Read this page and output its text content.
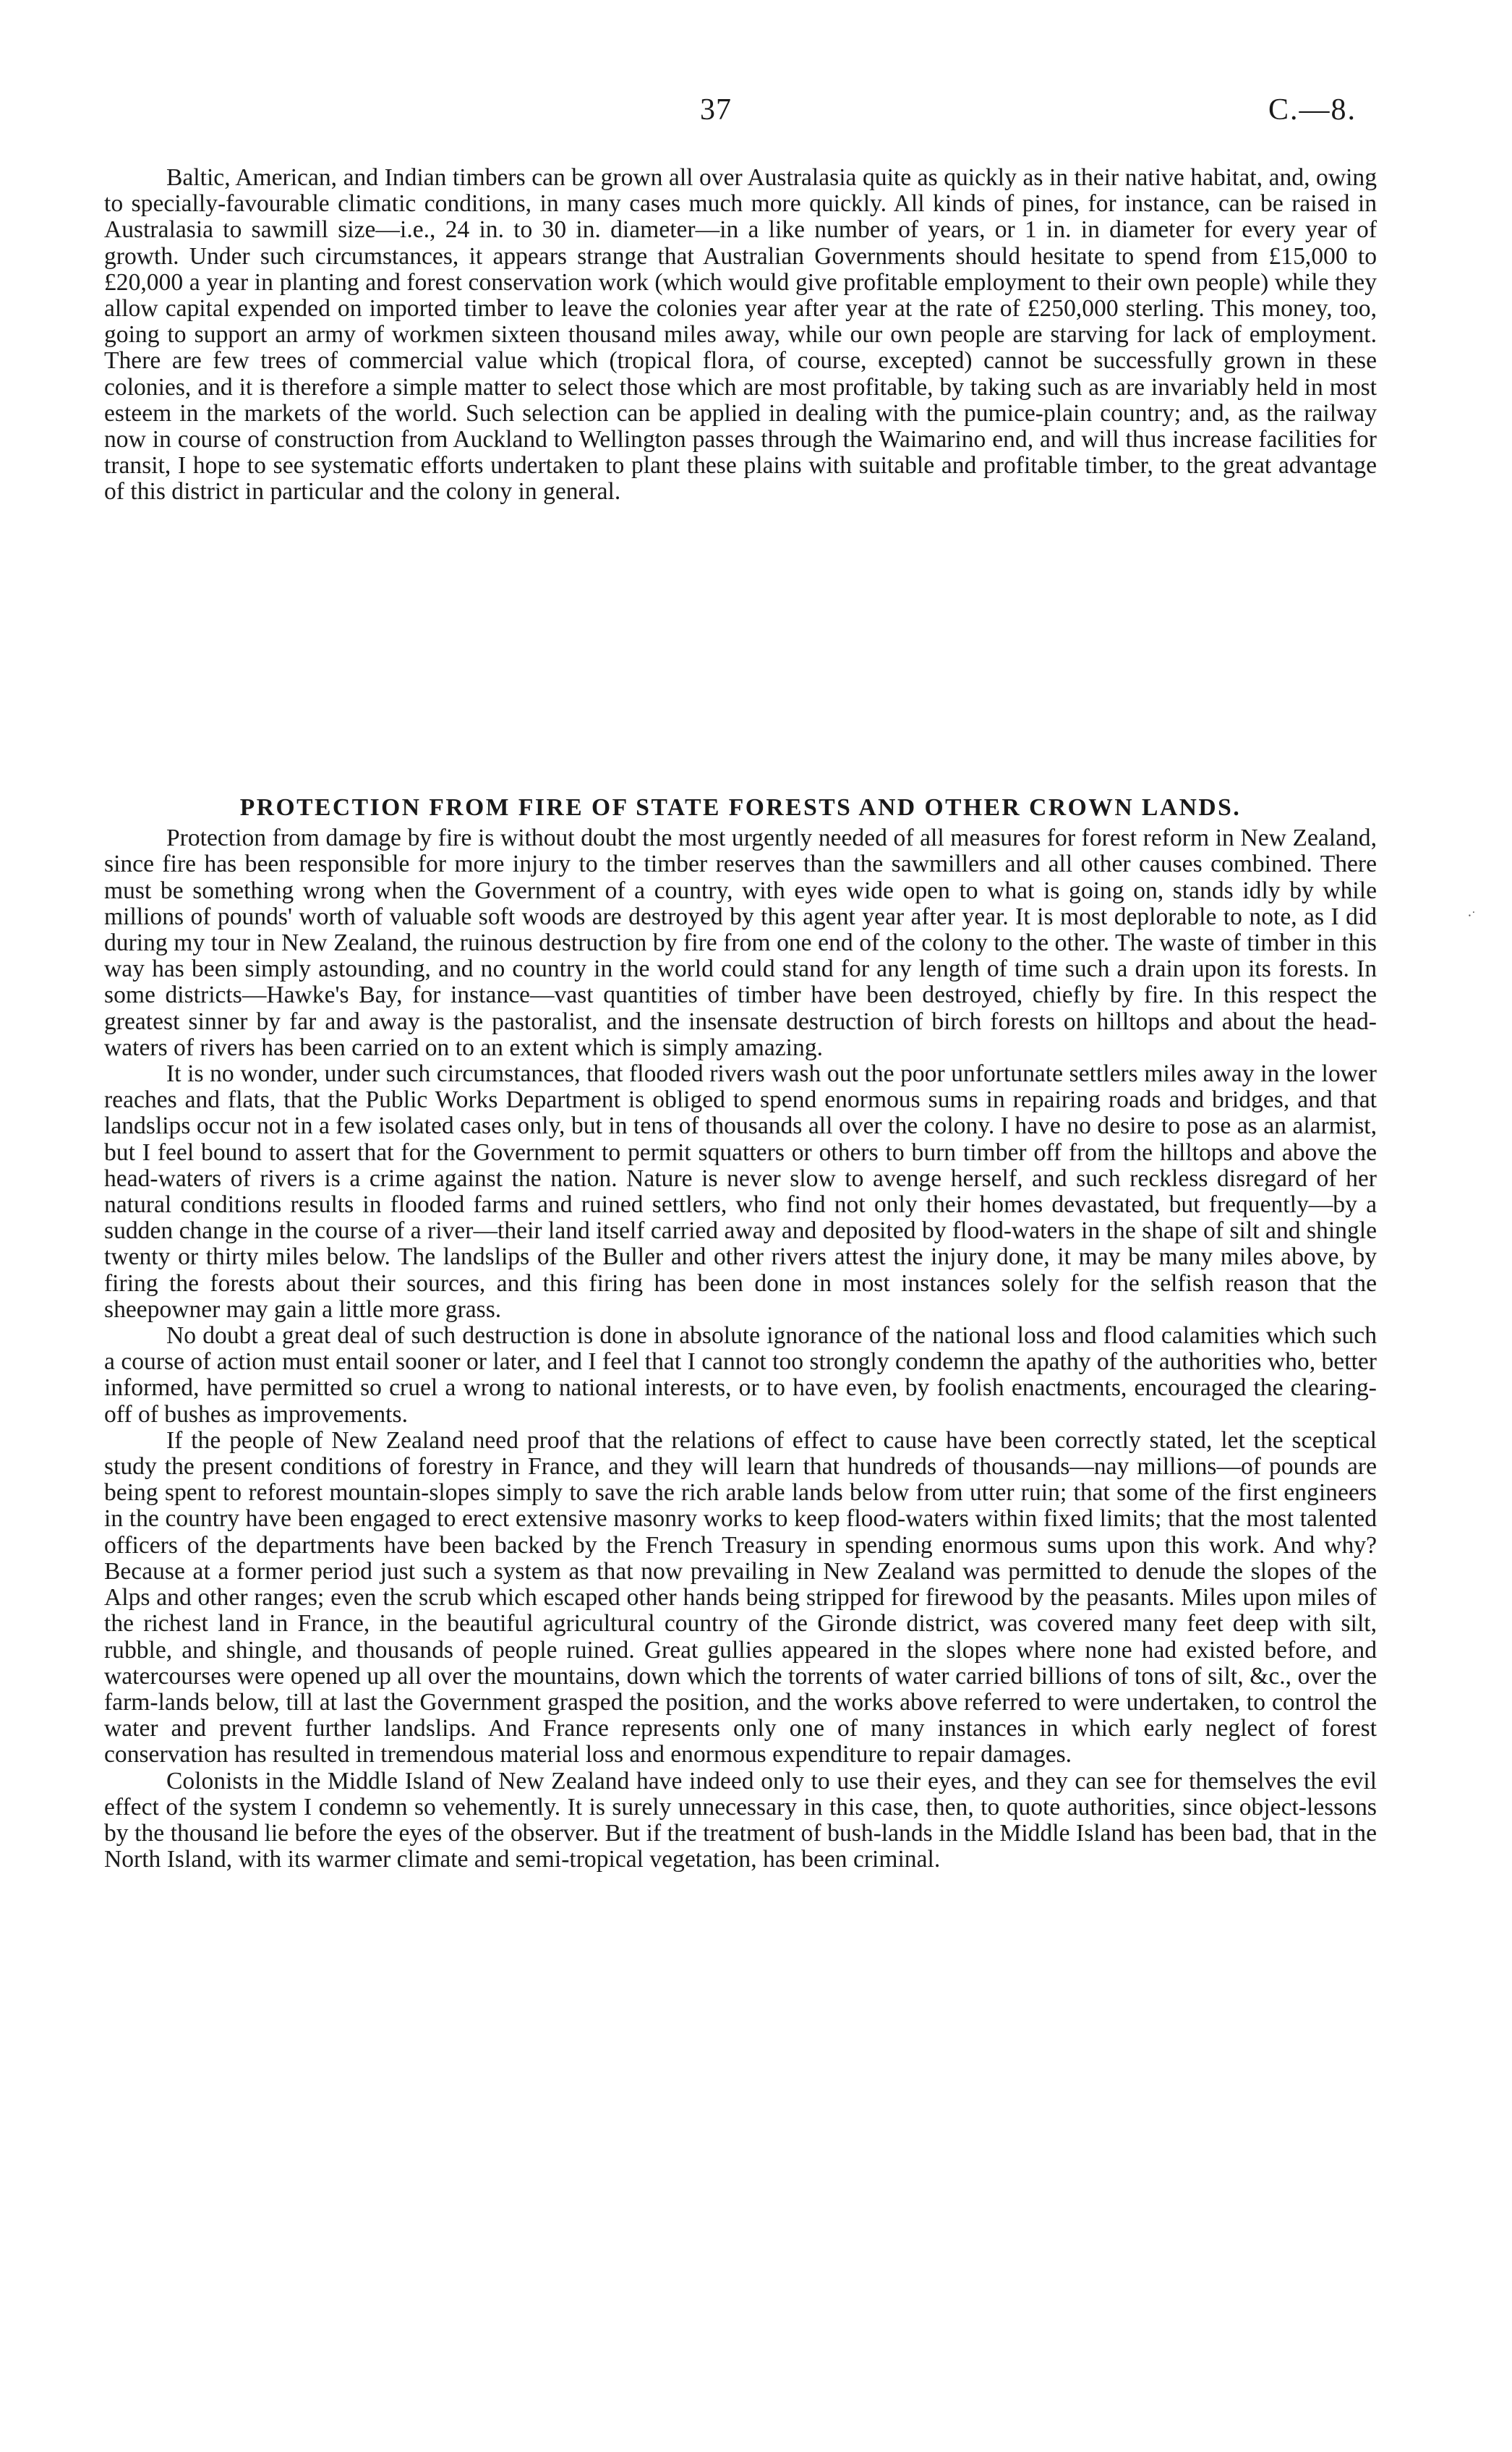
37	C.—8.

Baltic, American, and Indian timbers can be grown all over Australasia quite as quickly as in their native habitat, and, owing to specially-favourable climatic conditions, in many cases much more quickly. All kinds of pines, for instance, can be raised in Australasia to sawmill size—i.e., 24 in. to 30 in. diameter—in a like number of years, or 1 in. in diameter for every year of growth. Under such circumstances, it appears strange that Australian Governments should hesitate to spend from £15,000 to £20,000 a year in planting and forest conservation work (which would give profitable employment to their own people) while they allow capital expended on imported timber to leave the colonies year after year at the rate of £250,000 sterling. This money, too, going to support an army of workmen sixteen thousand miles away, while our own people are starving for lack of employment. There are few trees of commercial value which (tropical flora, of course, excepted) cannot be successfully grown in these colonies, and it is therefore a simple matter to select those which are most profitable, by taking such as are invariably held in most esteem in the markets of the world. Such selection can be applied in dealing with the pumice-plain country; and, as the railway now in course of construction from Auckland to Wellington passes through the Waimarino end, and will thus increase facilities for transit, I hope to see systematic efforts undertaken to plant these plains with suitable and profitable timber, to the great advantage of this district in particular and the colony in general.

PROTECTION FROM FIRE OF STATE FORESTS AND OTHER CROWN LANDS.

Protection from damage by fire is without doubt the most urgently needed of all measures for forest reform in New Zealand, since fire has been responsible for more injury to the timber reserves than the sawmillers and all other causes combined. There must be something wrong when the Government of a country, with eyes wide open to what is going on, stands idly by while millions of pounds' worth of valuable soft woods are destroyed by this agent year after year. It is most deplorable to note, as I did during my tour in New Zealand, the ruinous destruction by fire from one end of the colony to the other. The waste of timber in this way has been simply astounding, and no country in the world could stand for any length of time such a drain upon its forests. In some districts—Hawke's Bay, for instance—vast quantities of timber have been destroyed, chiefly by fire. In this respect the greatest sinner by far and away is the pastoralist, and the insensate destruction of birch forests on hilltops and about the head-waters of rivers has been carried on to an extent which is simply amazing.

It is no wonder, under such circumstances, that flooded rivers wash out the poor unfortunate settlers miles away in the lower reaches and flats, that the Public Works Department is obliged to spend enormous sums in repairing roads and bridges, and that landslips occur not in a few isolated cases only, but in tens of thousands all over the colony. I have no desire to pose as an alarmist, but I feel bound to assert that for the Government to permit squatters or others to burn timber off from the hilltops and above the head-waters of rivers is a crime against the nation. Nature is never slow to avenge herself, and such reckless disregard of her natural conditions results in flooded farms and ruined settlers, who find not only their homes devastated, but frequently—by a sudden change in the course of a river—their land itself carried away and deposited by flood-waters in the shape of silt and shingle twenty or thirty miles below. The landslips of the Buller and other rivers attest the injury done, it may be many miles above, by firing the forests about their sources, and this firing has been done in most instances solely for the selfish reason that the sheepowner may gain a little more grass.

No doubt a great deal of such destruction is done in absolute ignorance of the national loss and flood calamities which such a course of action must entail sooner or later, and I feel that I cannot too strongly condemn the apathy of the authorities who, better informed, have permitted so cruel a wrong to national interests, or to have even, by foolish enactments, encouraged the clearing-off of bushes as improvements.

If the people of New Zealand need proof that the relations of effect to cause have been correctly stated, let the sceptical study the present conditions of forestry in France, and they will learn that hundreds of thousands—nay millions—of pounds are being spent to reforest mountain-slopes simply to save the rich arable lands below from utter ruin; that some of the first engineers in the country have been engaged to erect extensive masonry works to keep flood-waters within fixed limits; that the most talented officers of the departments have been backed by the French Treasury in spending enormous sums upon this work. And why? Because at a former period just such a system as that now prevailing in New Zealand was permitted to denude the slopes of the Alps and other ranges; even the scrub which escaped other hands being stripped for firewood by the peasants. Miles upon miles of the richest land in France, in the beautiful agricultural country of the Gironde district, was covered many feet deep with silt, rubble, and shingle, and thousands of people ruined. Great gullies appeared in the slopes where none had existed before, and watercourses were opened up all over the mountains, down which the torrents of water carried billions of tons of silt, &c., over the farm-lands below, till at last the Government grasped the position, and the works above referred to were undertaken, to control the water and prevent further landslips. And France represents only one of many instances in which early neglect of forest conservation has resulted in tremendous material loss and enormous expenditure to repair damages.

Colonists in the Middle Island of New Zealand have indeed only to use their eyes, and they can see for themselves the evil effect of the system I condemn so vehemently. It is surely unnecessary in this case, then, to quote authorities, since object-lessons by the thousand lie before the eyes of the observer. But if the treatment of bush-lands in the Middle Island has been bad, that in the North Island, with its warmer climate and semi-tropical vegetation, has been criminal.

⸱˙
